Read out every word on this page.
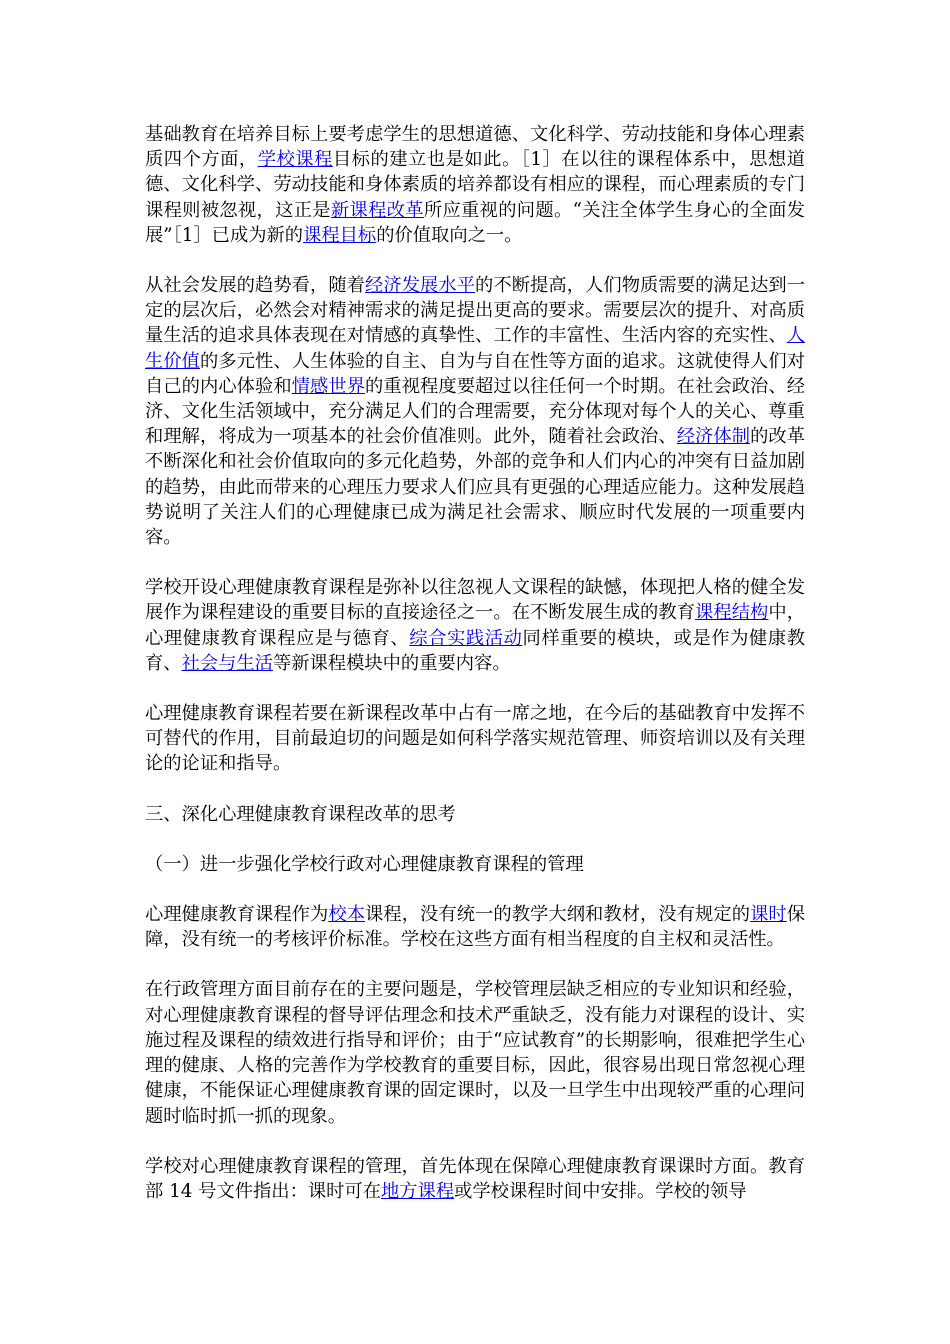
基础教育在培养目标上要考虑学生的思想道德、文化科学、劳动技能和身体心理素质四个方面，学校课程目标的建立也是如此。［1］在以往的课程体系中，思想道德、文化科学、劳动技能和身体素质的培养都设有相应的课程，而心理素质的专门课程则被忽视，这正是新课程改革所应重视的问题。“关注全体学生身心的全面发展”［1］已成为新的课程目标的价值取向之一。

从社会发展的趋势看，随着经济发展水平的不断提高，人们物质需要的满足达到一定的层次后，必然会对精神需求的满足提出更高的要求。需要层次的提升、对高质量生活的追求具体表现在对情感的真挚性、工作的丰富性、生活内容的充实性、人生价值的多元性、人生体验的自主、自为与自在性等方面的追求。这就使得人们对自己的内心体验和情感世界的重视程度要超过以往任何一个时期。在社会政治、经济、文化生活领域中，充分满足人们的合理需要，充分体现对每个人的关心、尊重和理解，将成为一项基本的社会价值准则。此外，随着社会政治、经济体制的改革不断深化和社会价值取向的多元化趋势，外部的竞争和人们内心的冲突有日益加剧的趋势，由此而带来的心理压力要求人们应具有更强的心理适应能力。这种发展趋势说明了关注人们的心理健康已成为满足社会需求、顺应时代发展的一项重要内容。

学校开设心理健康教育课程是弥补以往忽视人文课程的缺憾，体现把人格的健全发展作为课程建设的重要目标的直接途径之一。在不断发展生成的教育课程结构中，心理健康教育课程应是与德育、综合实践活动同样重要的模块，或是作为健康教育、社会与生活等新课程模块中的重要内容。

心理健康教育课程若要在新课程改革中占有一席之地，在今后的基础教育中发挥不可替代的作用，目前最迫切的问题是如何科学落实规范管理、师资培训以及有关理论的论证和指导。

三、深化心理健康教育课程改革的思考

（一）进一步强化学校行政对心理健康教育课程的管理

心理健康教育课程作为校本课程，没有统一的教学大纲和教材，没有规定的课时保障，没有统一的考核评价标准。学校在这些方面有相当程度的自主权和灵活性。

在行政管理方面目前存在的主要问题是，学校管理层缺乏相应的专业知识和经验，对心理健康教育课程的督导评估理念和技术严重缺乏，没有能力对课程的设计、实施过程及课程的绩效进行指导和评价；由于“应试教育”的长期影响，很难把学生心理的健康、人格的完善作为学校教育的重要目标，因此，很容易出现日常忽视心理健康，不能保证心理健康教育课的固定课时，以及一旦学生中出现较严重的心理问题时临时抓一抓的现象。

学校对心理健康教育课程的管理，首先体现在保障心理健康教育课课时方面。教育部 14 号文件指出：课时可在地方课程或学校课程时间中安排。学校的领导
